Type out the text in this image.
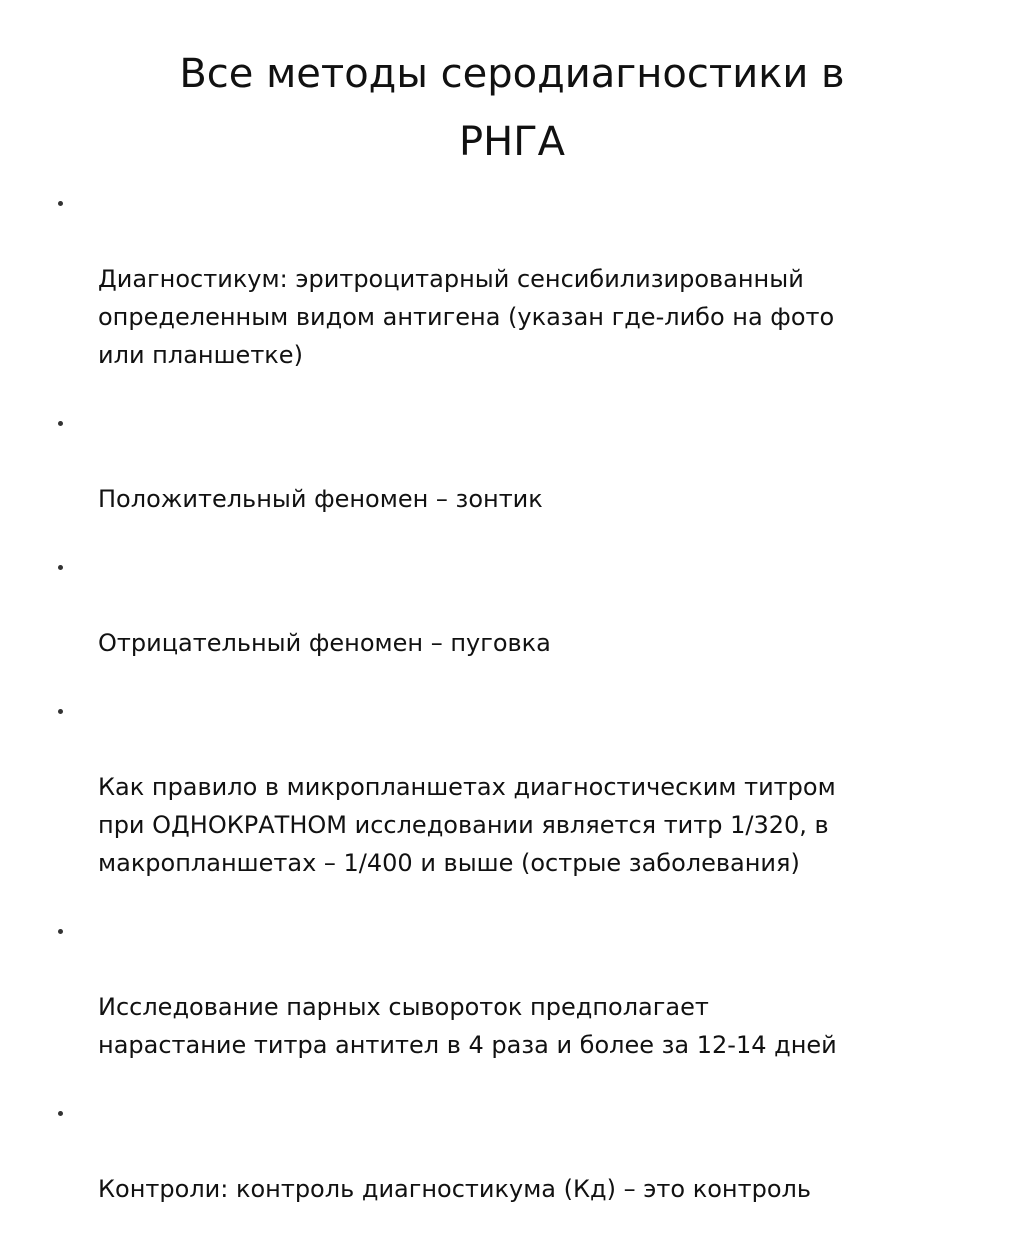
Все методы серодиагностики в
РНГА

Диагностикум: эритроцитарный сенсибилизированный
определенным видом антигена (указан где-либо на фото
или планшетке)

Положительный феномен – зонтик

Отрицательный феномен – пуговка

Как правило в микропланшетах диагностическим титром
при ОДНОКРАТНОМ исследовании является титр 1/320, в
макропланшетах – 1/400 и выше (острые заболевания)

Исследование парных сывороток предполагает
нарастание титра антител в 4 раза и более за 12-14 дней

Контроли: контроль диагностикума (Кд) – это контроль
